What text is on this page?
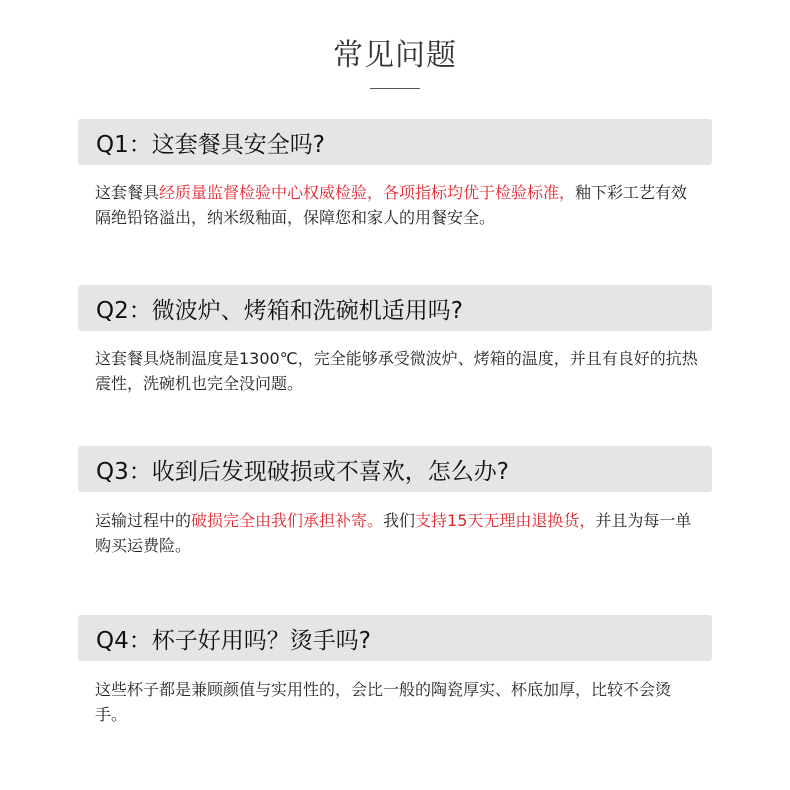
常见问题
Q1：这套餐具安全吗?
这套餐具经质量监督检验中心权威检验，各项指标均优于检验标准，釉下彩工艺有效隔绝铅铬溢出，纳米级釉面，保障您和家人的用餐安全。
Q2：微波炉、烤箱和洗碗机适用吗?
这套餐具烧制温度是1300℃，完全能够承受微波炉、烤箱的温度，并且有良好的抗热震性，洗碗机也完全没问题。
Q3：收到后发现破损或不喜欢，怎么办?
运输过程中的破损完全由我们承担补寄。我们支持15天无理由退换货，并且为每一单购买运费险。
Q4：杯子好用吗？烫手吗?
这些杯子都是兼顾颜值与实用性的，会比一般的陶瓷厚实、杯底加厚，比较不会烫手。
